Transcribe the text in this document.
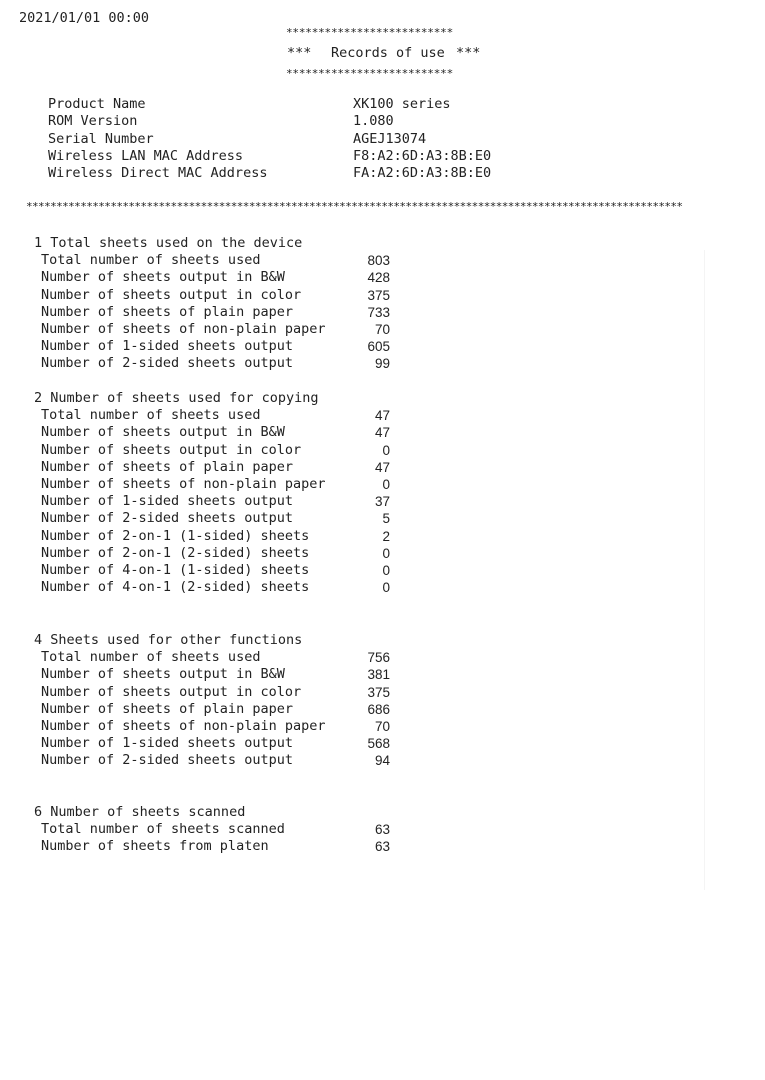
2021/01/01 00:00
**************************
*** Records of use ***
**************************
Product Name	XK100 series
ROM Version	1.080
Serial Number	AGEJ13074
Wireless LAN MAC Address	F8:A2:6D:A3:8B:E0
Wireless Direct MAC Address	FA:A2:6D:A3:8B:E0
*************************************************************************************************************
1 Total sheets used on the device
Total number of sheets used	803
Number of sheets output in B&W	428
Number of sheets output in color	375
Number of sheets of plain paper	733
Number of sheets of non-plain paper	70
Number of 1-sided sheets output	605
Number of 2-sided sheets output	99
2 Number of sheets used for copying
Total number of sheets used	47
Number of sheets output in B&W	47
Number of sheets output in color	0
Number of sheets of plain paper	47
Number of sheets of non-plain paper	0
Number of 1-sided sheets output	37
Number of 2-sided sheets output	5
Number of 2-on-1 (1-sided) sheets	2
Number of 2-on-1 (2-sided) sheets	0
Number of 4-on-1 (1-sided) sheets	0
Number of 4-on-1 (2-sided) sheets	0
4 Sheets used for other functions
Total number of sheets used	756
Number of sheets output in B&W	381
Number of sheets output in color	375
Number of sheets of plain paper	686
Number of sheets of non-plain paper	70
Number of 1-sided sheets output	568
Number of 2-sided sheets output	94
6 Number of sheets scanned
Total number of sheets scanned	63
Number of sheets from platen	63
